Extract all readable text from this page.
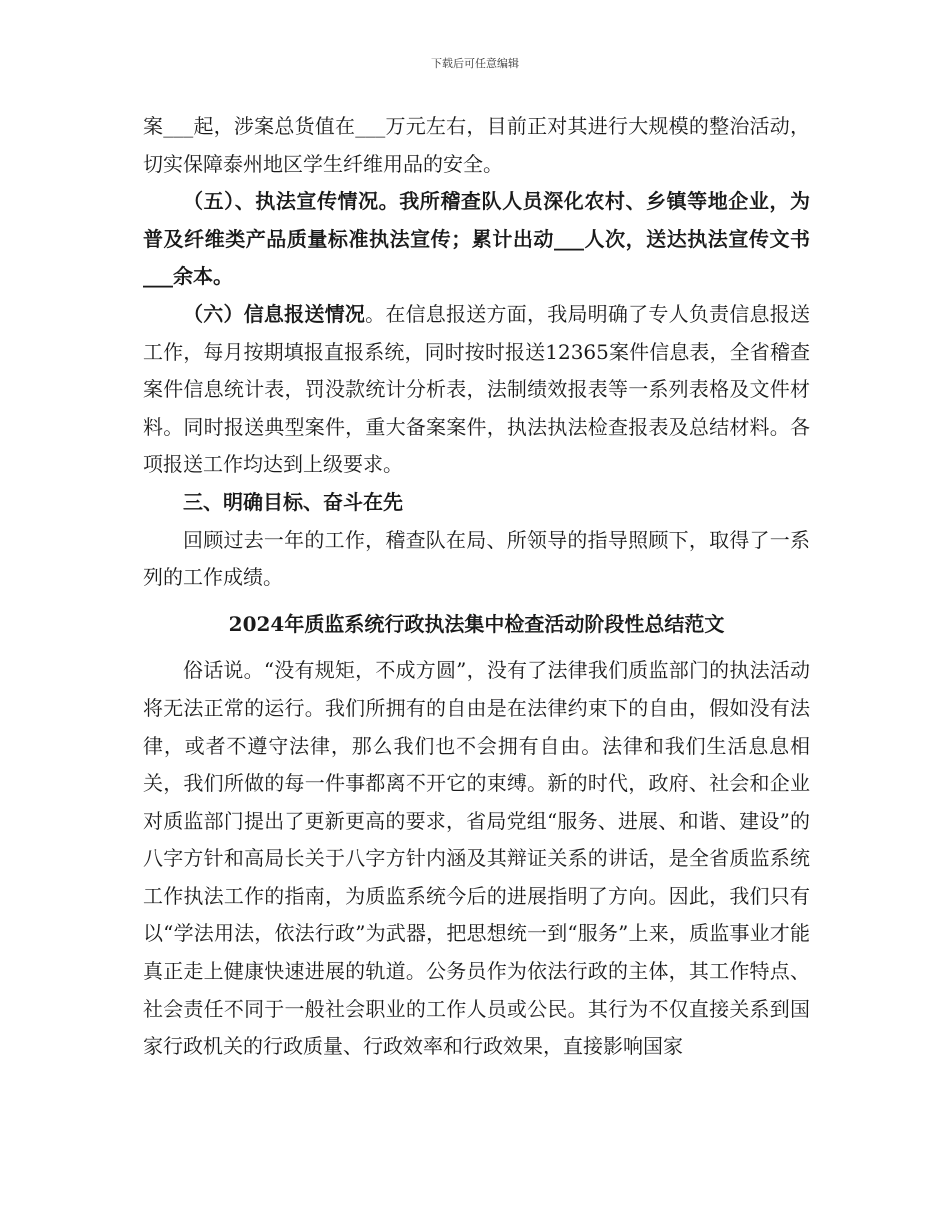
下载后可任意编辑

案___起，涉案总货值在___万元左右，目前正对其进行大规模的整治活动，切实保障泰州地区学生纤维用品的安全。

（五）、执法宣传情况。我所稽查队人员深化农村、乡镇等地企业，为普及纤维类产品质量标准执法宣传；累计出动___人次，送达执法宣传文书___余本。

（六）信息报送情况。在信息报送方面，我局明确了专人负责信息报送工作，每月按期填报直报系统，同时按时报送12365案件信息表，全省稽查案件信息统计表，罚没款统计分析表，法制绩效报表等一系列表格及文件材料。同时报送典型案件，重大备案案件，执法执法检查报表及总结材料。各项报送工作均达到上级要求。

三、明确目标、奋斗在先

回顾过去一年的工作，稽查队在局、所领导的指导照顾下，取得了一系列的工作成绩。

2024年质监系统行政执法集中检查活动阶段性总结范文

俗话说。“没有规矩，不成方圆”，没有了法律我们质监部门的执法活动将无法正常的运行。我们所拥有的自由是在法律约束下的自由，假如没有法律，或者不遵守法律，那么我们也不会拥有自由。法律和我们生活息息相关，我们所做的每一件事都离不开它的束缚。新的时代，政府、社会和企业对质监部门提出了更新更高的要求，省局党组“服务、进展、和谐、建设”的八字方针和高局长关于八字方针内涵及其辩证关系的讲话，是全省质监系统工作执法工作的指南，为质监系统今后的进展指明了方向。因此，我们只有以“学法用法，依法行政”为武器，把思想统一到“服务”上来，质监事业才能真正走上健康快速进展的轨道。公务员作为依法行政的主体，其工作特点、社会责任不同于一般社会职业的工作人员或公民。其行为不仅直接关系到国家行政机关的行政质量、行政效率和行政效果，直接影响国家
